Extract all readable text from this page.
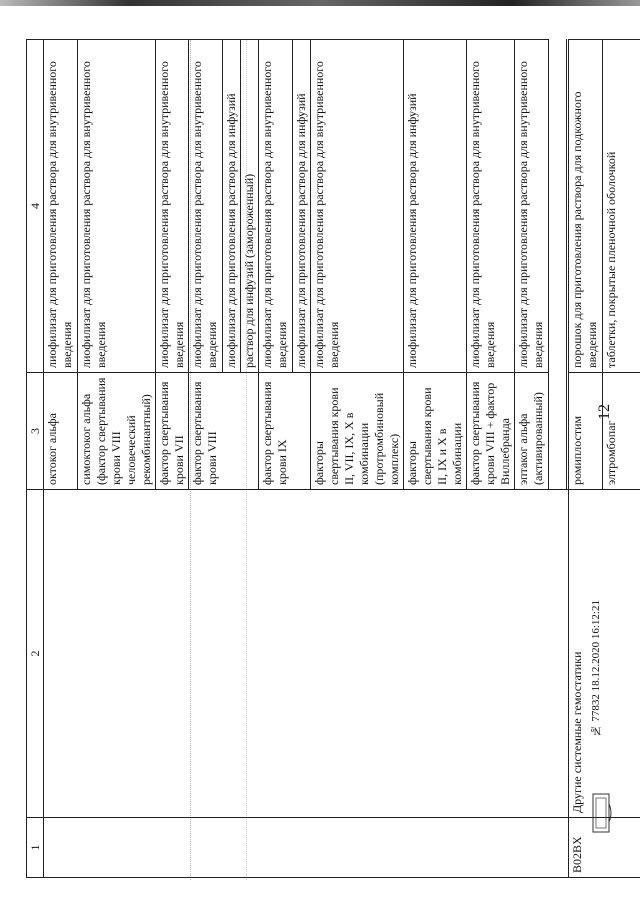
12
№ 77832 18.12.2020 16:12:21
1	2	3	4
		октоког альфа	лиофилизат для приготовления раствора для внутривенного введения
		симоктоког альфа (фактор свертывания крови VIII человеческий рекомбинантный)	лиофилизат для приготовления раствора для внутривенного введения
		фактор свертывания крови VII	лиофилизат для приготовления раствора для внутривенного введения
		фактор свертывания крови VIII	лиофилизат для приготовления раствора для внутривенного введения
			лиофилизат для приготовления раствора для инфузий
			раствор для инфузий (замороженный)
		фактор свертывания крови IX	лиофилизат для приготовления раствора для внутривенного введения
			лиофилизат для приготовления раствора для инфузий
		факторы свертывания крови II, VII, IX, X в комбинации (протромбиновый комплекс)	лиофилизат для приготовления раствора для внутривенного введения
		факторы свертывания крови II, IX и X в комбинации	лиофилизат для приготовления раствора для инфузий
		фактор свертывания крови VIII + фактор Виллебранда	лиофилизат для приготовления раствора для внутривенного введения
		эптаког альфа (активированный)	лиофилизат для приготовления раствора для внутривенного введения

B02BX	Другие системные гемостатики	ромиплостим	порошок для приготовления раствора для подкожного введения
		элтромбопаг	таблетки, покрытые пленочной оболочкой
